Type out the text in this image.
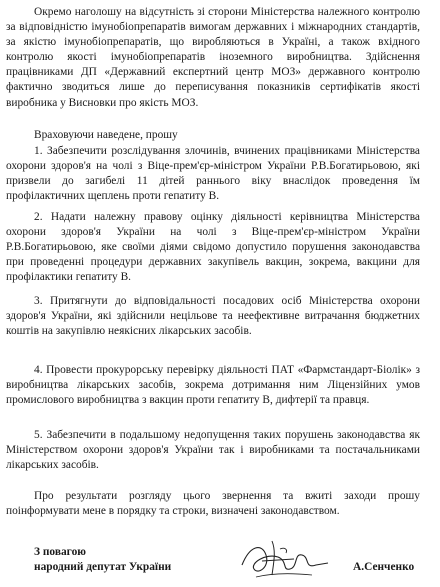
Окремо наголошу на відсутність зі сторони Міністерства належного контролю за відповідністю імунобіопрепаратів вимогам державних і міжнародних стандартів, за якістю імунобіопрепаратів, що виробляються в Україні, а також вхідного контролю якості імунобіопрепаратів іноземного виробництва. Здійснення працівниками ДП «Державний експертний центр МОЗ» державного контролю фактично зводиться лише до переписування показників сертифікатів якості виробника у Висновки про якість МОЗ.

Враховуючи наведене, прошу

1. Забезпечити розслідування злочинів, вчинених працівниками Міністерства охорони здоров'я на чолі з Віце-прем'єр-міністром України Р.В.Богатирьовою, які призвели до загибелі 11 дітей раннього віку внаслідок проведення їм профілактичних щеплень проти гепатиту В.

2. Надати належну правову оцінку діяльності керівництва Міністерства охорони здоров'я України на чолі з Віце-прем'єр-міністром України Р.В.Богатирьовою, яке своїми діями свідомо допустило порушення законодавства при проведенні процедури державних закупівель вакцин, зокрема, вакцини для профілактики гепатиту В.

3. Притягнути до відповідальності посадових осіб Міністерства охорони здоров'я України, які здійснили нецільове та неефективне витрачання бюджетних коштів на закупівлю неякісних лікарських засобів.

4. Провести прокурорську перевірку діяльності ПАТ «Фармстандарт-Біолік» з виробництва лікарських засобів, зокрема дотримання ним Ліцензійних умов промислового виробництва з вакцин проти гепатиту В, дифтерії та правця.

5. Забезпечити в подальшому недопущення таких порушень законодавства як Міністерством охорони здоров'я України так і виробниками та постачальниками лікарських засобів.

Про результати розгляду цього звернення та вжиті заходи прошу поінформувати мене в порядку та строки, визначені законодавством.

З повагою
народний депутат України	А.Сенченко
